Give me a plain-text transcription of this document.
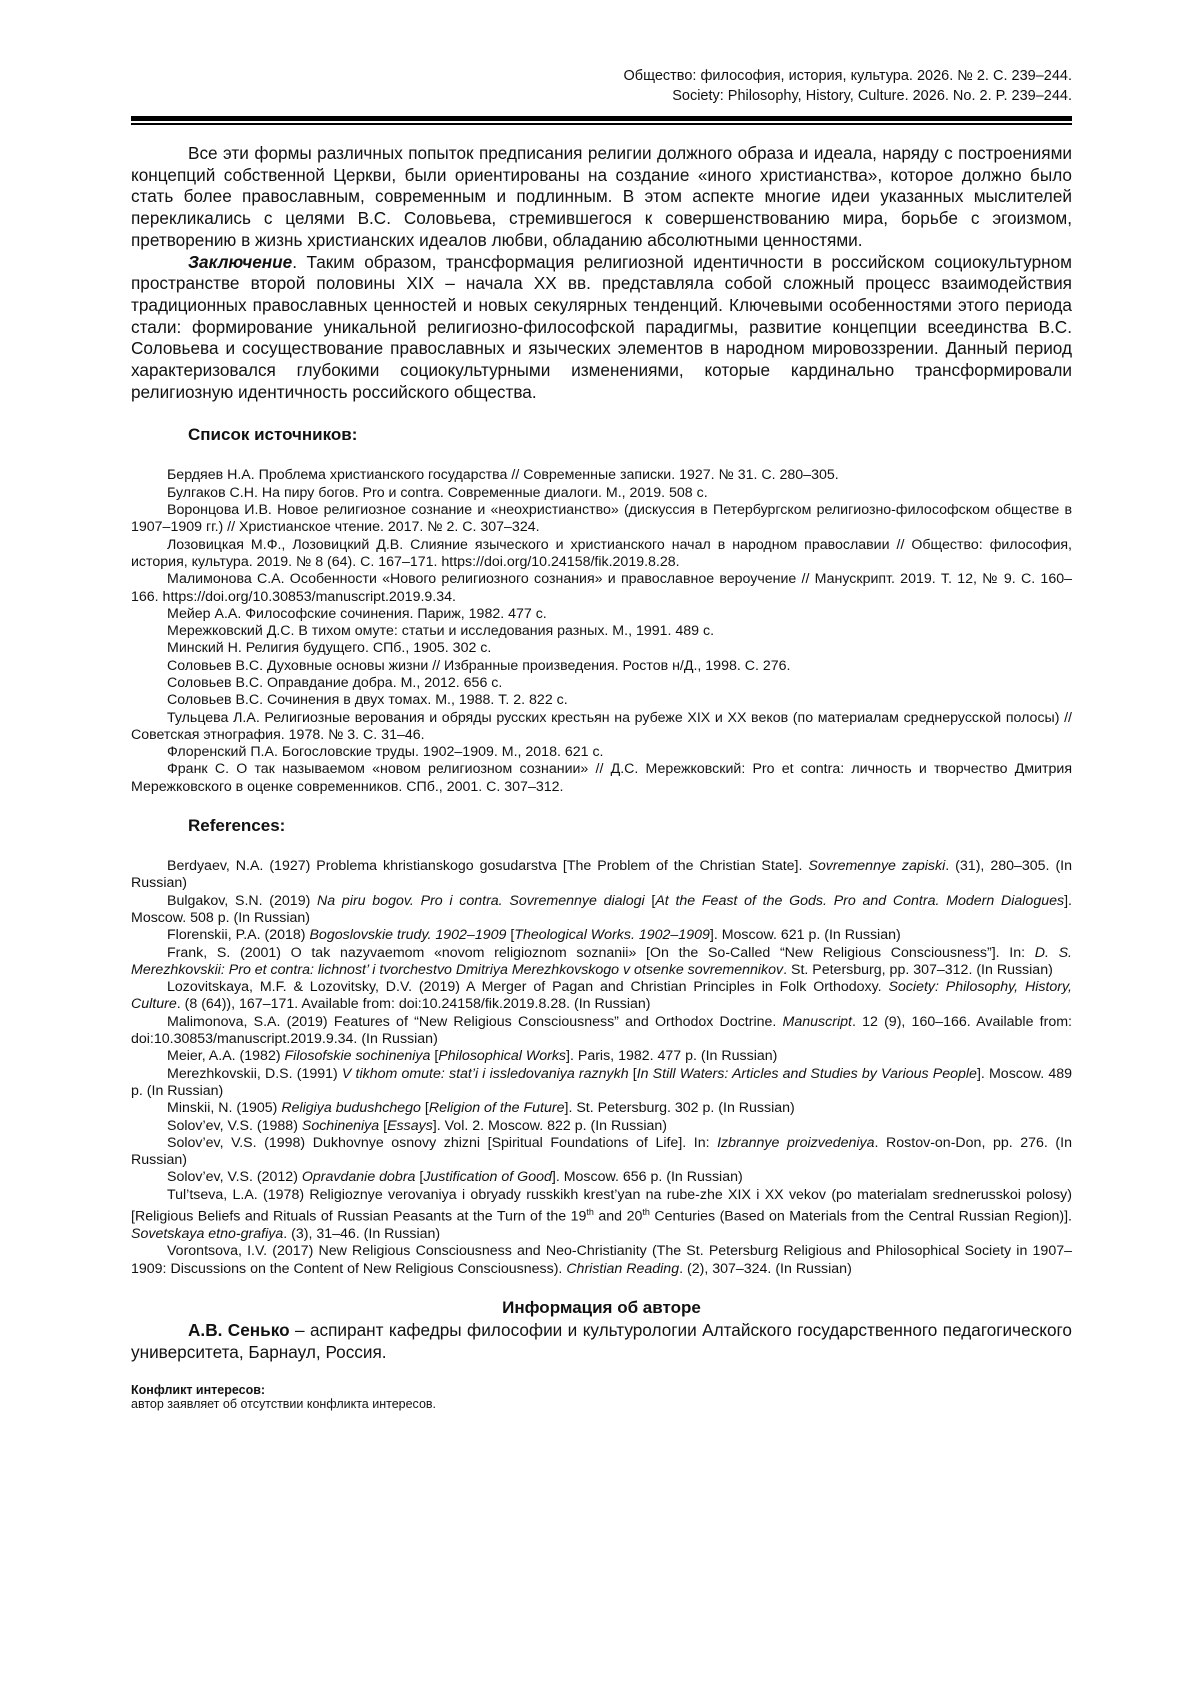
Общество: философия, история, культура. 2026. № 2. С. 239–244.
Society: Philosophy, History, Culture. 2026. No. 2. P. 239–244.

Все эти формы различных попыток предписания религии должного образа и идеала, наряду с построениями концепций собственной Церкви, были ориентированы на создание «иного христианства», которое должно было стать более православным, современным и подлинным. В этом аспекте многие идеи указанных мыслителей перекликались с целями В.С. Соловьева, стремившегося к совершенствованию мира, борьбе с эгоизмом, претворению в жизнь христианских идеалов любви, обладанию абсолютными ценностями.

Заключение. Таким образом, трансформация религиозной идентичности в российском социокультурном пространстве второй половины XIX – начала XX вв. представляла собой сложный процесс взаимодействия традиционных православных ценностей и новых секулярных тенденций. Ключевыми особенностями этого периода стали: формирование уникальной религиозно-философской парадигмы, развитие концепции всеединства В.С. Соловьева и сосуществование православных и языческих элементов в народном мировоззрении. Данный период характеризовался глубокими социокультурными изменениями, которые кардинально трансформировали религиозную идентичность российского общества.

Список источников:

Бердяев Н.А. Проблема христианского государства // Современные записки. 1927. № 31. С. 280–305.

Булгаков С.Н. На пиру богов. Pro и contra. Современные диалоги. М., 2019. 508 с.

Воронцова И.В. Новое религиозное сознание и «неохристианство» (дискуссия в Петербургском религиозно-философском обществе в 1907–1909 гг.) // Христианское чтение. 2017. № 2. С. 307–324.

Лозовицкая М.Ф., Лозовицкий Д.В. Слияние языческого и христианского начал в народном православии // Общество: философия, история, культура. 2019. № 8 (64). С. 167–171. https://doi.org/10.24158/fik.2019.8.28.

Малимонова С.А. Особенности «Нового религиозного сознания» и православное вероучение // Манускрипт. 2019. Т. 12, № 9. С. 160–166. https://doi.org/10.30853/manuscript.2019.9.34.

Мейер А.А. Философские сочинения. Париж, 1982. 477 с.

Мережковский Д.С. В тихом омуте: статьи и исследования разных. М., 1991. 489 с.

Минский Н. Религия будущего. СПб., 1905. 302 с.

Соловьев В.С. Духовные основы жизни // Избранные произведения. Ростов н/Д., 1998. С. 276.

Соловьев В.С. Оправдание добра. М., 2012. 656 с.

Соловьев В.С. Сочинения в двух томах. М., 1988. Т. 2. 822 с.

Тульцева Л.А. Религиозные верования и обряды русских крестьян на рубеже XIX и XX веков (по материалам среднерусской полосы) // Советская этнография. 1978. № 3. С. 31–46.

Флоренский П.А. Богословские труды. 1902–1909. М., 2018. 621 с.

Франк С. О так называемом «новом религиозном сознании» // Д.С. Мережковский: Pro et contra: личность и творчество Дмитрия Мережковского в оценке современников. СПб., 2001. С. 307–312.

References:

Berdyaev, N.A. (1927) Problema khristianskogo gosudarstva [The Problem of the Christian State]. Sovremennye zapiski. (31), 280–305. (In Russian)

Bulgakov, S.N. (2019) Na piru bogov. Pro i contra. Sovremennye dialogi [At the Feast of the Gods. Pro and Contra. Modern Dialogues]. Moscow. 508 p. (In Russian)

Florenskii, P.A. (2018) Bogoslovskie trudy. 1902–1909 [Theological Works. 1902–1909]. Moscow. 621 p. (In Russian)

Frank, S. (2001) O tak nazyvaemom «novom religioznom soznanii» [On the So-Called “New Religious Consciousness”]. In: D. S. Merezhkovskii: Pro et contra: lichnost’ i tvorchestvo Dmitriya Merezhkovskogo v otsenke sovremennikov. St. Petersburg, pp. 307–312. (In Russian)

Lozovitskaya, M.F. & Lozovitsky, D.V. (2019) A Merger of Pagan and Christian Principles in Folk Orthodoxy. Society: Philosophy, History, Culture. (8 (64)), 167–171. Available from: doi:10.24158/fik.2019.8.28. (In Russian)

Malimonova, S.A. (2019) Features of “New Religious Consciousness” and Orthodox Doctrine. Manuscript. 12 (9), 160–166. Available from: doi:10.30853/manuscript.2019.9.34. (In Russian)

Meier, A.A. (1982) Filosofskie sochineniya [Philosophical Works]. Paris, 1982. 477 p. (In Russian)

Merezhkovskii, D.S. (1991) V tikhom omute: stat’i i issledovaniya raznykh [In Still Waters: Articles and Studies by Various People]. Moscow. 489 p. (In Russian)

Minskii, N. (1905) Religiya budushchego [Religion of the Future]. St. Petersburg. 302 p. (In Russian)

Solov’ev, V.S. (1988) Sochineniya [Essays]. Vol. 2. Moscow. 822 p. (In Russian)

Solov’ev, V.S. (1998) Dukhovnye osnovy zhizni [Spiritual Foundations of Life]. In: Izbrannye proizvedeniya. Rostov-on-Don, pp. 276. (In Russian)

Solov’ev, V.S. (2012) Opravdanie dobra [Justification of Good]. Moscow. 656 p. (In Russian)

Tul’tseva, L.A. (1978) Religioznye verovaniya i obryady russkikh krest’yan na rube-zhe XIX i XX vekov (po materialam srednerusskoi polosy) [Religious Beliefs and Rituals of Russian Peasants at the Turn of the 19th and 20th Centuries (Based on Materials from the Central Russian Region)]. Sovetskaya etno-grafiya. (3), 31–46. (In Russian)

Vorontsova, I.V. (2017) New Religious Consciousness and Neo-Christianity (The St. Petersburg Religious and Philosophical Society in 1907–1909: Discussions on the Content of New Religious Consciousness). Christian Reading. (2), 307–324. (In Russian)

Информация об авторе

А.В. Сенько – аспирант кафедры философии и культурологии Алтайского государственного педагогического университета, Барнаул, Россия.

Конфликт интересов:
автор заявляет об отсутствии конфликта интересов.
